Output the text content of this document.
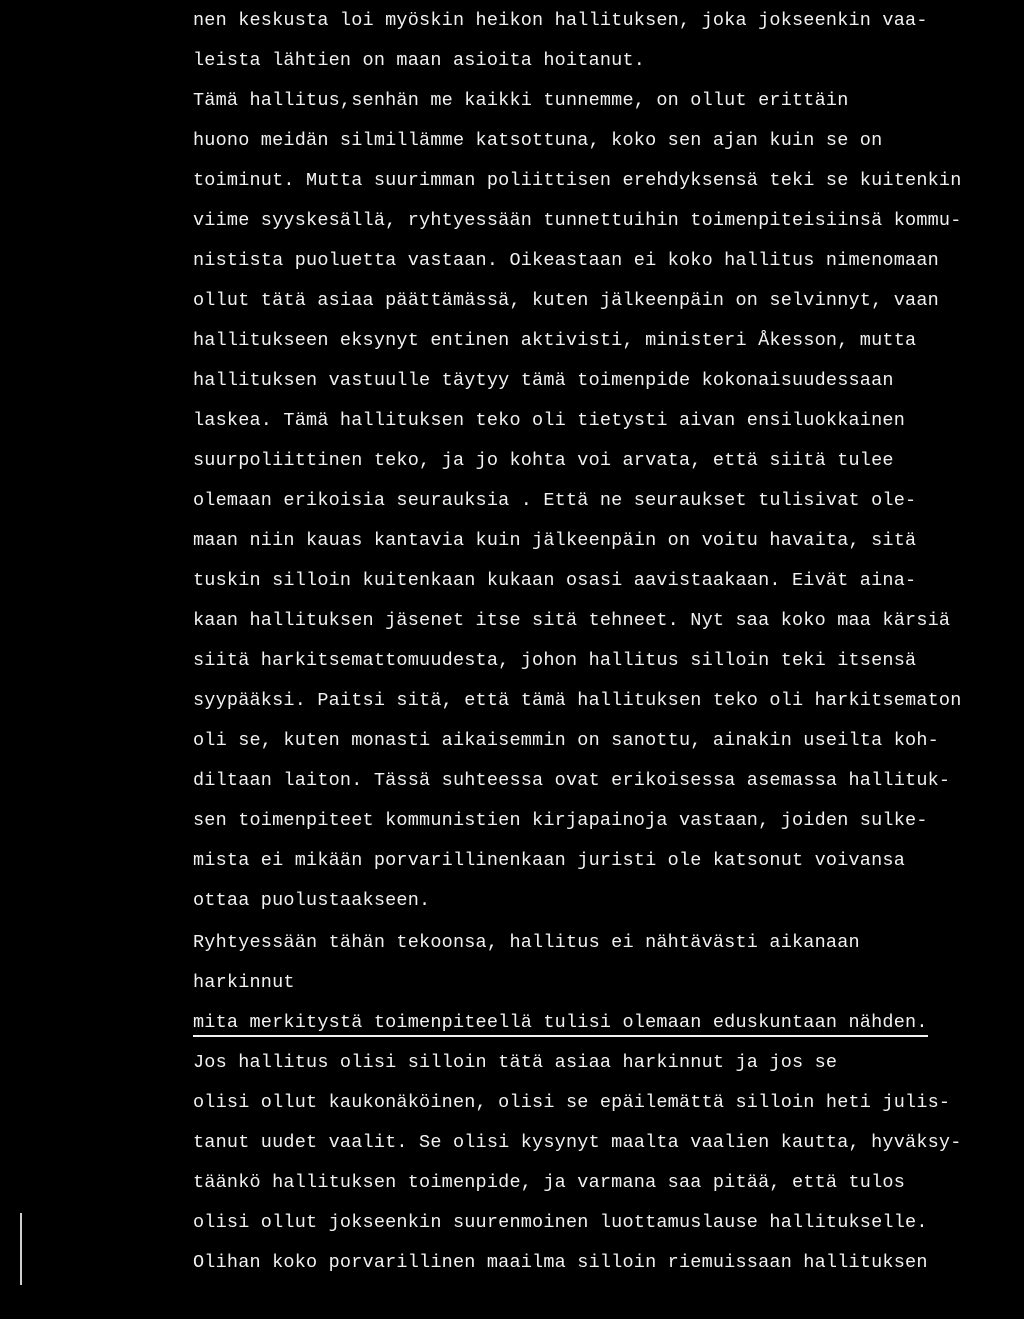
nen keskusta loi myöskin heikon hallituksen, joka jokseenkin vaa-
leista lähtien on maan asioita hoitanut.
Tämä hallitus,senhän me kaikki tunnemme, on ollut erittäin
huono meidän silmillämme katsottuna, koko sen ajan kuin se on
toiminut. Mutta suurimman poliittisen erehdyksensä teki se kuitenkin
viime syyskesällä, ryhtyessään tunnettuihin toimenpiteisiinsä kommu-
nistista puoluetta vastaan. Oikeastaan ei koko hallitus nimenomaan
ollut tätä asiaa päättämässä, kuten jälkeenpäin on selvinnyt, vaan
hallitukseen eksynyt entinen aktivisti, ministeri Åkesson, mutta
hallituksen vastuulle täytyy tämä toimenpide kokonaisuudessaan
laskea. Tämä hallituksen teko oli tietysti aivan ensiluokkainen
suurpoliittinen teko, ja jo kohta voi arvata, että siitä tulee
olemaan erikoisia seurauksia . Että ne seuraukset tulisivat ole-
maan niin kauas kantavia kuin jälkeenpäin on voitu havaita, sitä
tuskin silloin kuitenkaan kukaan osasi aavistaakaan. Eivät aina-
kaan hallituksen jäsenet itse sitä tehneet. Nyt saa koko maa kärsiä
siitä harkitsemattomuudesta, johon hallitus silloin teki itsensä
syypääksi. Paitsi sitä, että tämä hallituksen teko oli harkitsematon
oli se, kuten monasti aikaisemmin on sanottu, ainakin useilta koh-
diltaan laiton. Tässä suhteessa ovat erikoisessa asemassa hallituk-
sen toimenpiteet kommunistien kirjapainoja vastaan, joiden sulke-
mista ei mikään porvarillinenkaan juristi ole katsonut voivansa
ottaa puolustaakseen.
Ryhtyessään tähän tekoonsa, hallitus ei nähtävästi aikanaan
harkinnut
mita merkitystä toimenpiteellä tulisi olemaan eduskuntaan nähden.
Jos hallitus olisi silloin tätä asiaa harkinnut ja jos se
olisi ollut kaukonäköinen, olisi se epäilemättä silloin heti julis-
tanut uudet vaalit. Se olisi kysynyt maalta vaalien kautta, hyväksy-
täänkö hallituksen toimenpide, ja varmana saa pitää, että tulos
olisi ollut jokseenkin suurenmoinen luottamuslause hallitukselle.
Olihan koko porvarillinen maailma silloin riemuissaan hallituksen
